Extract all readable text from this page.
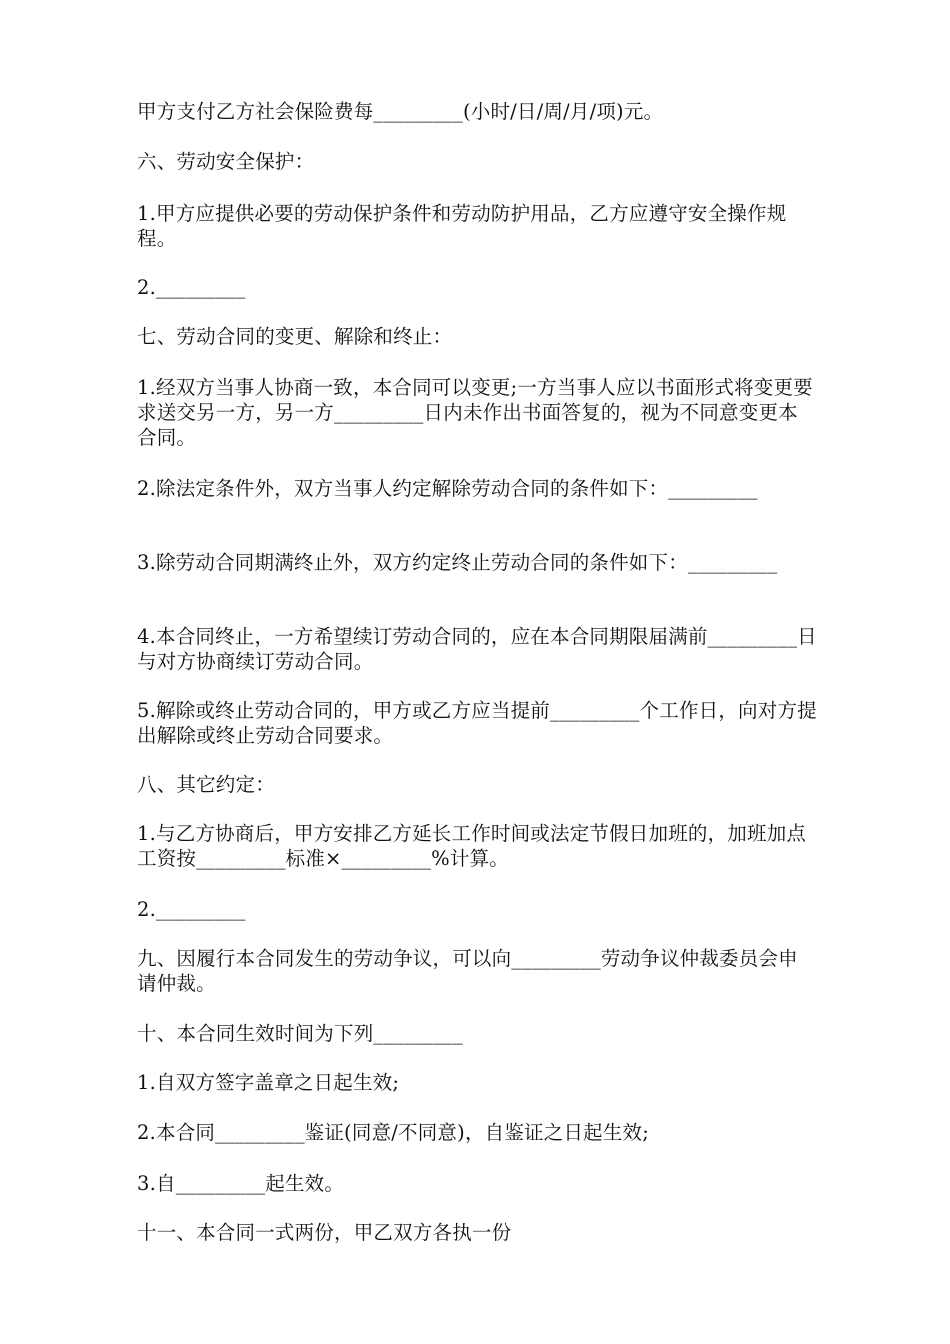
甲方支付乙方社会保险费每_________(小时/日/周/月/项)元。

六、劳动安全保护：

1.甲方应提供必要的劳动保护条件和劳动防护用品，乙方应遵守安全操作规程。

2._________

七、劳动合同的变更、解除和终止：

1.经双方当事人协商一致，本合同可以变更;一方当事人应以书面形式将变更要求送交另一方，另一方_________日内未作出书面答复的，视为不同意变更本合同。

2.除法定条件外，双方当事人约定解除劳动合同的条件如下：_________

3.除劳动合同期满终止外，双方约定终止劳动合同的条件如下：_________

4.本合同终止，一方希望续订劳动合同的，应在本合同期限届满前_________日与对方协商续订劳动合同。

5.解除或终止劳动合同的，甲方或乙方应当提前_________个工作日，向对方提出解除或终止劳动合同要求。

八、其它约定：

1.与乙方协商后，甲方安排乙方延长工作时间或法定节假日加班的，加班加点工资按_________标准×_________%计算。

2._________

九、因履行本合同发生的劳动争议，可以向_________劳动争议仲裁委员会申请仲裁。

十、本合同生效时间为下列_________

1.自双方签字盖章之日起生效;

2.本合同_________鉴证(同意/不同意)，自鉴证之日起生效;

3.自_________起生效。

十一、本合同一式两份，甲乙双方各执一份
